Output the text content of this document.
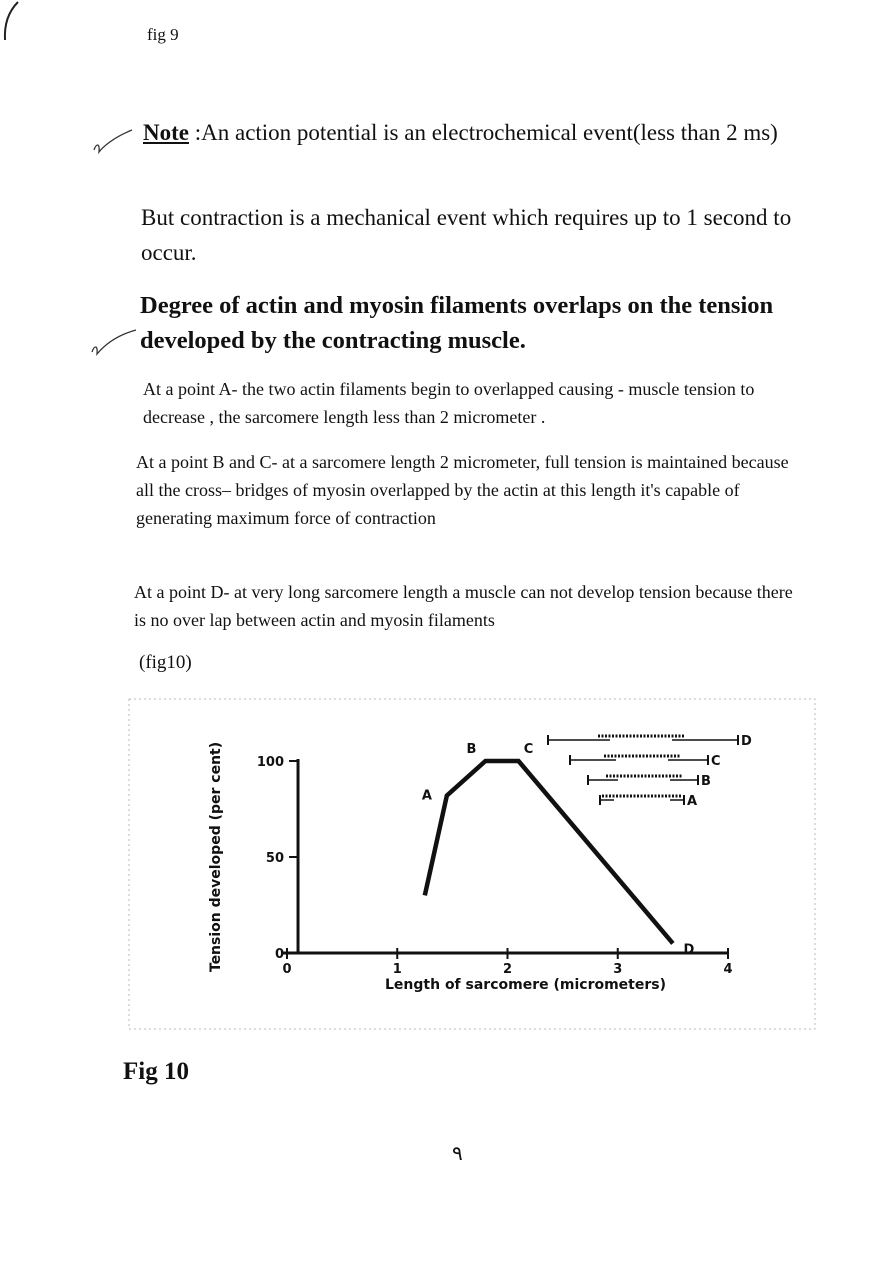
fig 9
Note :An action potential is an electrochemical event(less than 2 ms)
But contraction is a mechanical event which requires up to 1 second to occur.
Degree of actin and myosin filaments overlaps on the tension developed by the contracting muscle.
At a point A- the two actin filaments begin to overlapped causing - muscle tension to decrease , the sarcomere length less than 2 micrometer .
At a point B and C- at a sarcomere length 2 micrometer, full tension is maintained because all the cross– bridges of myosin overlapped by the actin at this length it's capable of generating maximum force of contraction
At a point D- at very long sarcomere length a muscle can not develop tension because there is no over lap between actin and myosin filaments
(fig10)
0
50
100
0	1	2	3	4
A
B	C
D
Tension developed (per cent)
Length of sarcomere (micrometers)
D
C
B
A
Fig 10
٩
